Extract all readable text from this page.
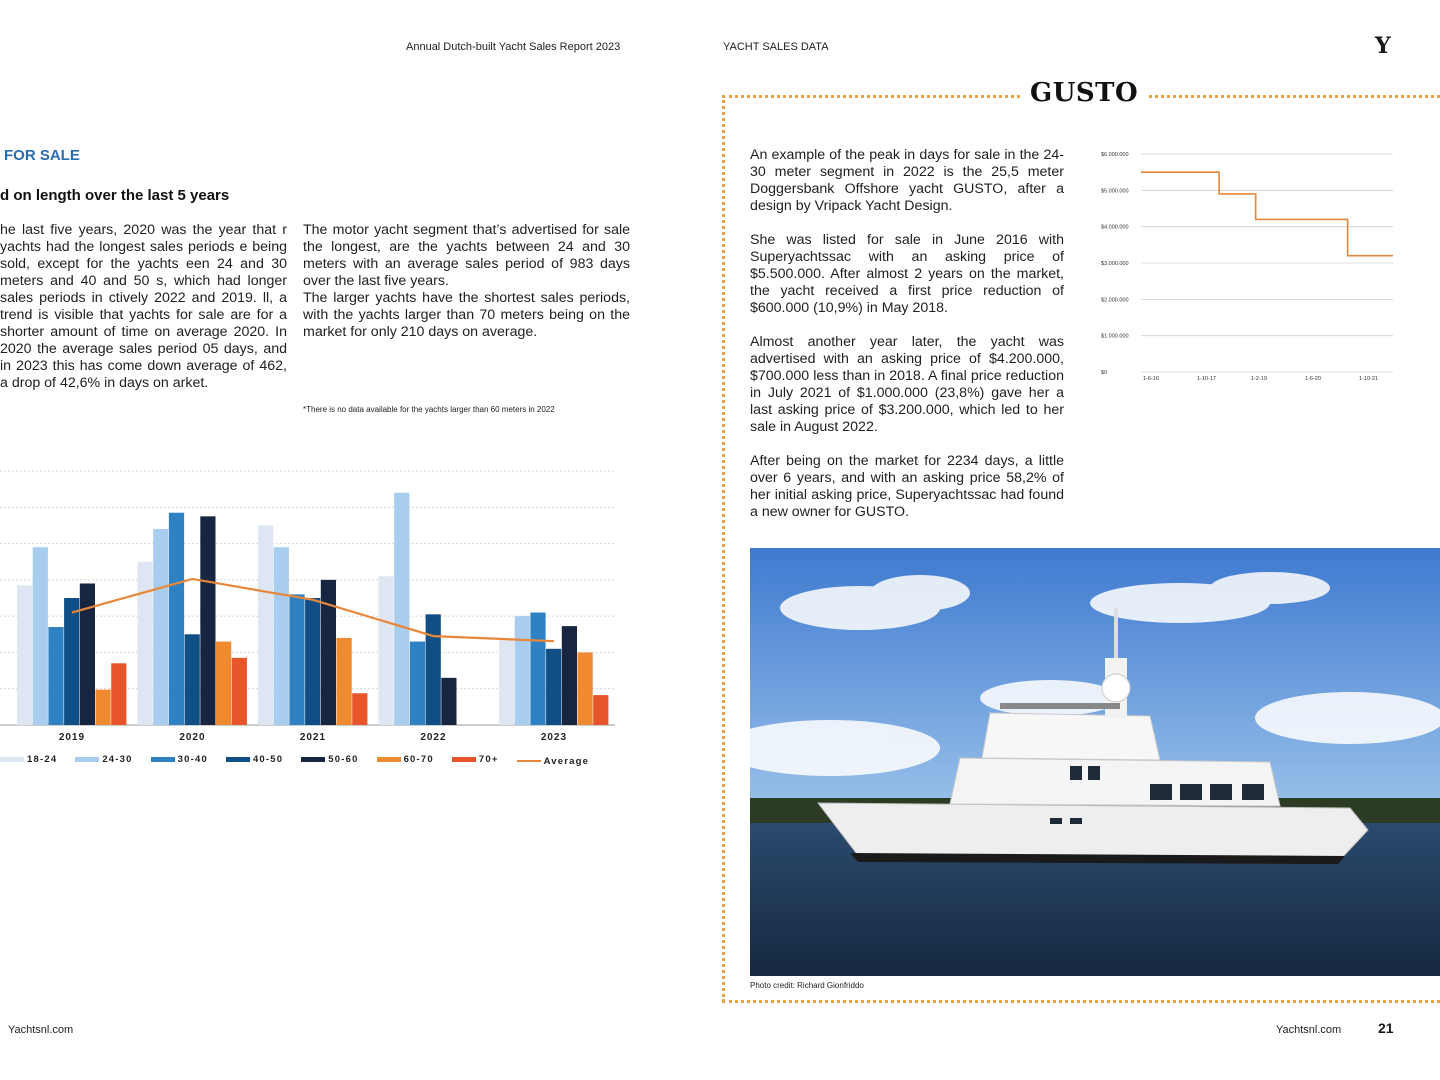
Annual Dutch-built Yacht Sales Report 2023
FOR SALE
d on length over the last 5 years

he last five years, 2020 was the year that r yachts had the longest sales periods e being sold, except for the yachts een 24 and 30 meters and 40 and 50 s, which had longer sales periods in ctively 2022 and 2019. ll, a trend is visible that yachts for sale are for a shorter amount of time on average 2020. In 2020 the average sales period 05 days, and in 2023 this has come down average of 462, a drop of 42,6% in days on arket.

The motor yacht segment that’s advertised for sale the longest, are the yachts between 24 and 30 meters with an average sales period of 983 days over the last five years.

The larger yachts have the shortest sales periods, with the yachts larger than 70 meters being on the market for only 210 days on average.

*There is no data available for the yachts larger than 60 meters in 2022
2019	2020	2021	2022	2023
18-24	24-30	30-40	40-50	50-60	60-70	70+	Average
Yachtsnl.com
YACHT SALES DATA	Y
GUSTO

An example of the peak in days for sale in the 24-30 meter segment in 2022 is the 25,5 meter Doggersbank Offshore yacht GUSTO, after a design by Vripack Yacht Design.

She was listed for sale in June 2016 with Superyachtssac with an asking price of $5.500.000. After almost 2 years on the market, the yacht received a first price reduction of $600.000 (10,9%) in May 2018.

Almost another year later, the yacht was advertised with an asking price of $4.200.000, $700.000 less than in 2018. A final price reduction in July 2021 of $1.000.000 (23,8%) gave her a last asking price of $3.200.000, which led to her sale in August 2022.

After being on the market for 2234 days, a little over 6 years, and with an asking price 58,2% of her initial asking price, Superyachtssac had found a new owner for GUSTO.

$0
$1.000.000
$2.000.000
$3.000.000
$4.000.000
$5.000.000
$6.000.000
1-6-16	1-10-17	1-2-19	1-6-20	1-10-21
Photo credit: Richard Gionfriddo
Yachtsnl.com	21
